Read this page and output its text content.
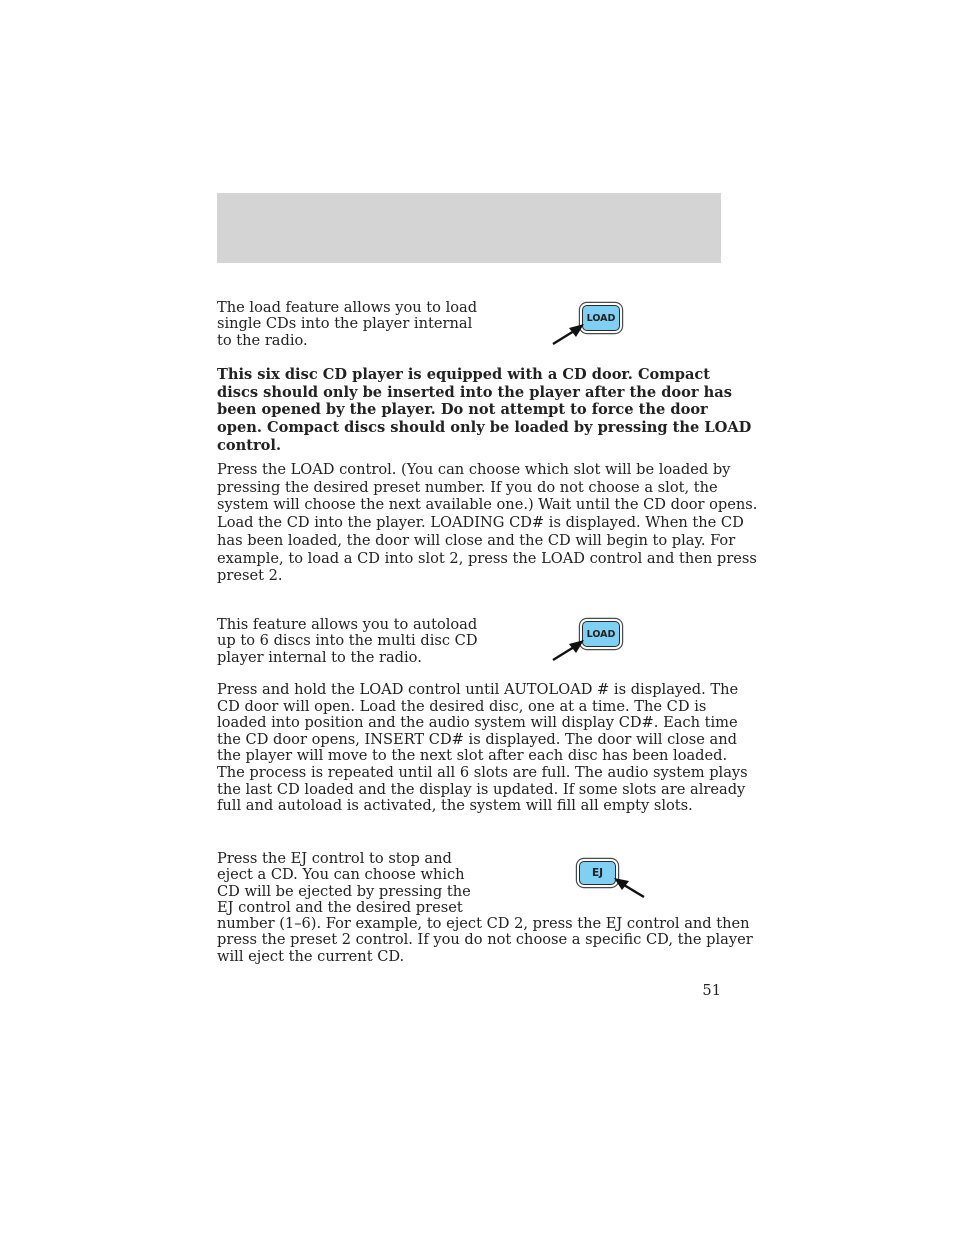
The load feature allows you to load
single CDs into the player internal
to the radio.

LOAD

This six disc CD player is equipped with a CD door. Compact
discs should only be inserted into the player after the door has
been opened by the player. Do not attempt to force the door
open. Compact discs should only be loaded by pressing the LOAD
control.

Press the LOAD control. (You can choose which slot will be loaded by
pressing the desired preset number. If you do not choose a slot, the
system will choose the next available one.) Wait until the CD door opens.
Load the CD into the player. LOADING CD# is displayed. When the CD
has been loaded, the door will close and the CD will begin to play. For
example, to load a CD into slot 2, press the LOAD control and then press
preset 2.

This feature allows you to autoload
up to 6 discs into the multi disc CD
player internal to the radio.

LOAD

Press and hold the LOAD control until AUTOLOAD # is displayed. The
CD door will open. Load the desired disc, one at a time. The CD is
loaded into position and the audio system will display CD#. Each time
the CD door opens, INSERT CD# is displayed. The door will close and
the player will move to the next slot after each disc has been loaded.
The process is repeated until all 6 slots are full. The audio system plays
the last CD loaded and the display is updated. If some slots are already
full and autoload is activated, the system will fill all empty slots.

Press the EJ control to stop and
eject a CD. You can choose which
CD will be ejected by pressing the
EJ control and the desired preset

EJ

number (1–6). For example, to eject CD 2, press the EJ control and then
press the preset 2 control. If you do not choose a specific CD, the player
will eject the current CD.

51
